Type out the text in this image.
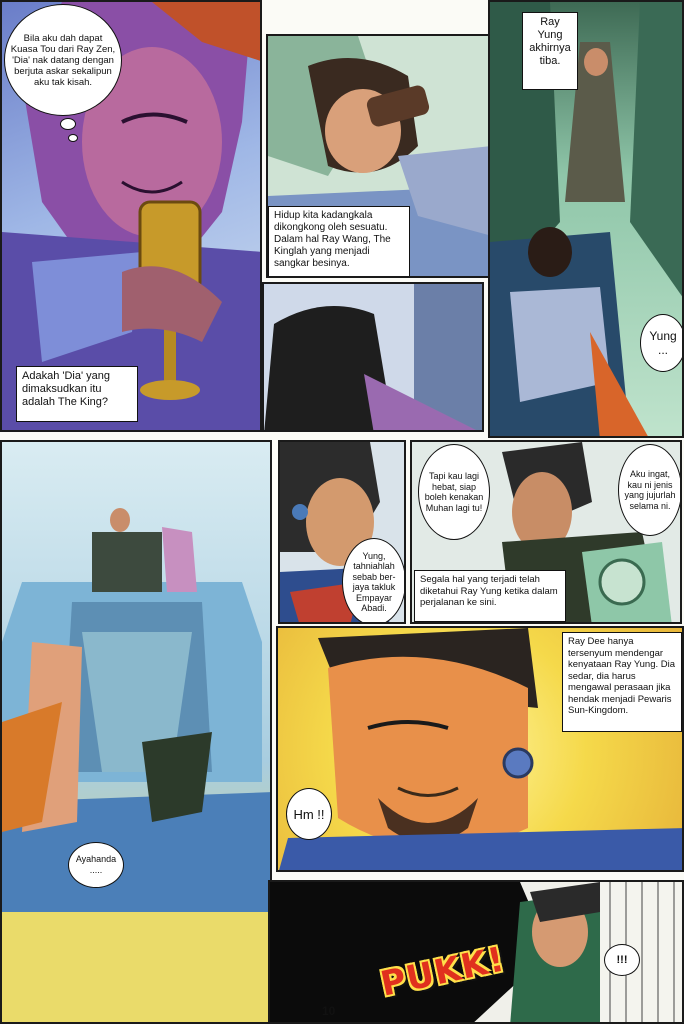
Bila aku dah dapat Kuasa Tou dari Ray Zen, 'Dia' nak datang dengan berjuta askar sekalipun aku tak kisah.
Adakah 'Dia' yang dimaksudkan itu adalah The King?
Hidup kita kadangkala dikongkong oleh sesuatu. Dalam hal Ray Wang, The Kinglah yang menjadi sangkar besinya.
Ray Yung akhirnya tiba.
Yung ...
Ayahanda .....
Yung, tahniahlah sebab ber-jaya takluk Empayar Abadi.
Tapi kau lagi hebat, siap boleh kenakan Muhan lagi tu!
Aku ingat, kau ni jenis yang jujurlah selama ni.
Segala hal yang terjadi telah diketahui Ray Yung ketika dalam perjalanan ke sini.
Ray Dee hanya tersenyum mendengar kenyataan Ray Yung. Dia sedar, dia harus mengawal perasaan jika hendak menjadi Pewaris Sun-Kingdom.
Hm !!
PUKK!	!!!
10
